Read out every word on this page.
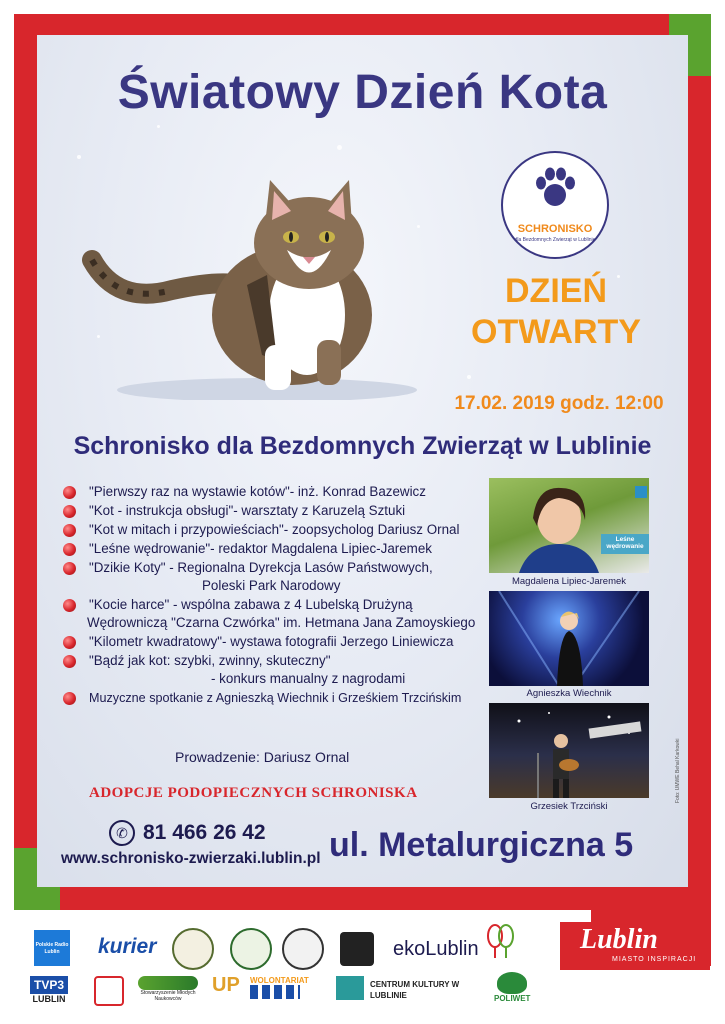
Światowy Dzień Kota
SCHRONISKO
dla Bezdomnych Zwierząt w Lublinie
DZIEŃ
OTWARTY
17.02. 2019 godz. 12:00
Schronisko dla Bezdomnych Zwierząt w Lublinie
"Pierwszy raz na wystawie kotów"- inż. Konrad Bazewicz
"Kot - instrukcja obsługi"- warsztaty z Karuzelą Sztuki
"Kot w mitach i przypowieściach"- zoopsycholog Dariusz Ornal
"Leśne wędrowanie"- redaktor Magdalena Lipiec-Jaremek
"Dzikie Koty" - Regionalna Dyrekcja Lasów Państwowych,
Poleski Park Narodowy
"Kocie harce" - wspólna zabawa z 4 Lubelską Drużyną
Wędrowniczą "Czarna Czwórka" im. Hetmana Jana Zamoyskiego
"Kilometr kwadratowy"- wystawa fotografii Jerzego Liniewicza
"Bądź jak kot: szybki, zwinny, skuteczny"
- konkurs manualny z nagrodami
Muzyczne spotkanie z Agnieszką Wiechnik i Grześkiem Trzcińskim
Prowadzenie: Dariusz Ornal
ADOPCJE PODOPIECZNYCH SCHRONISKA
✆ 81 466 26 42
www.schronisko-zwierzaki.lublin.pl ul. Metalurgiczna 5
Leśne wędrowanie
Magdalena Lipiec-Jaremek
Agnieszka Wiechnik
Grzesiek Trzciński
Foto: UMWE Behal Karkowki
Polskie Radio Lublin	kurier	ekoLublin	Lublin
MIASTO INSPIRACJI
TVP3
LUBLIN
Stowarzyszenie Młodych Naukowców
UP WOLONTARIAT	CENTRUM KULTURY W LUBLINIE	POLIWET
